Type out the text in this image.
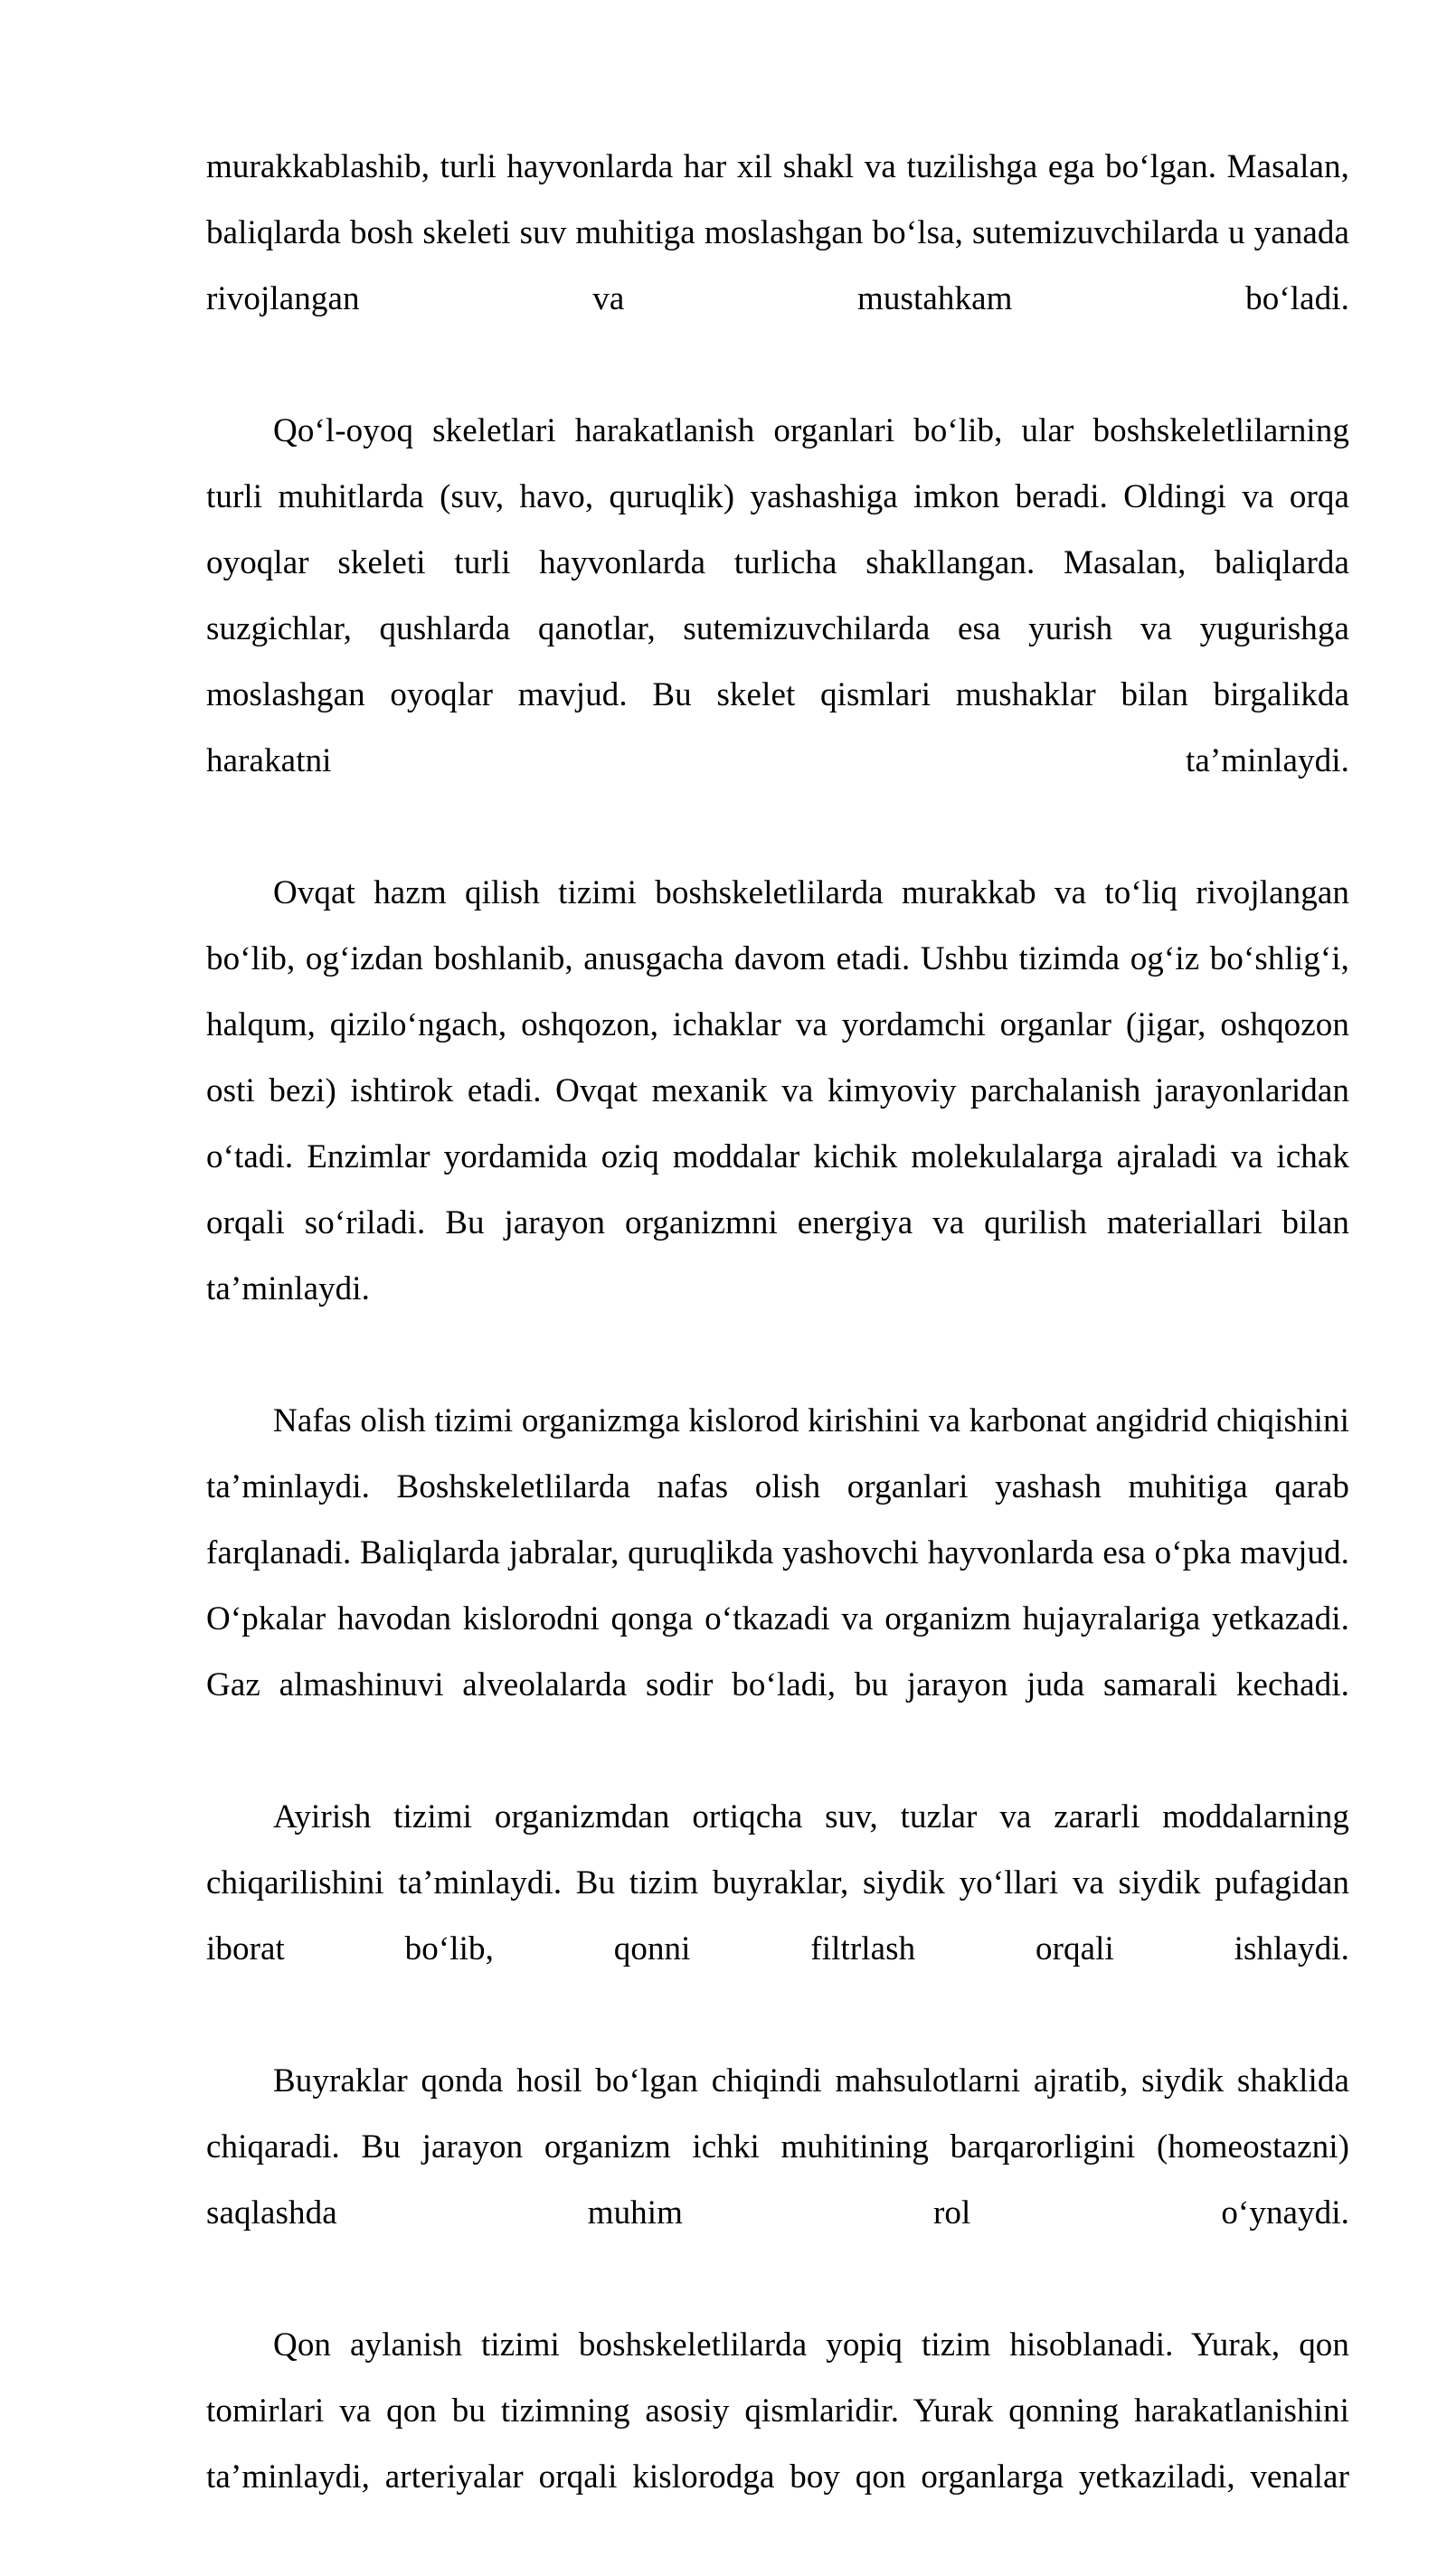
murakkablashib, turli hayvonlarda har xil shakl va tuzilishga ega bo‘lgan. Masalan, baliqlarda bosh skeleti suv muhitiga moslashgan bo‘lsa, sutemizuvchilarda u yanada rivojlangan va mustahkam bo‘ladi.

Qo‘l-oyoq skeletlari harakatlanish organlari bo‘lib, ular boshskeletlilarning turli muhitlarda (suv, havo, quruqlik) yashashiga imkon beradi. Oldingi va orqa oyoqlar skeleti turli hayvonlarda turlicha shakllangan. Masalan, baliqlarda suzgichlar, qushlarda qanotlar, sutemizuvchilarda esa yurish va yugurishga moslashgan oyoqlar mavjud. Bu skelet qismlari mushaklar bilan birgalikda harakatni ta’minlaydi.

Ovqat hazm qilish tizimi boshskeletlilarda murakkab va to‘liq rivojlangan bo‘lib, og‘izdan boshlanib, anusgacha davom etadi. Ushbu tizimda og‘iz bo‘shlig‘i, halqum, qizilo‘ngach, oshqozon, ichaklar va yordamchi organlar (jigar, oshqozon osti bezi) ishtirok etadi. Ovqat mexanik va kimyoviy parchalanish jarayonlaridan o‘tadi. Enzimlar yordamida oziq moddalar kichik molekulalarga ajraladi va ichak orqali so‘riladi. Bu jarayon organizmni energiya va qurilish materiallari bilan ta’minlaydi.

Nafas olish tizimi organizmga kislorod kirishini va karbonat angidrid chiqishini ta’minlaydi. Boshskeletlilarda nafas olish organlari yashash muhitiga qarab farqlanadi. Baliqlarda jabralar, quruqlikda yashovchi hayvonlarda esa o‘pka mavjud. O‘pkalar havodan kislorodni qonga o‘tkazadi va organizm hujayralariga yetkazadi. Gaz almashinuvi alveolalarda sodir bo‘ladi, bu jarayon juda samarali kechadi.

Ayirish tizimi organizmdan ortiqcha suv, tuzlar va zararli moddalarning chiqarilishini ta’minlaydi. Bu tizim buyraklar, siydik yo‘llari va siydik pufagidan iborat bo‘lib, qonni filtrlash orqali ishlaydi.

Buyraklar qonda hosil bo‘lgan chiqindi mahsulotlarni ajratib, siydik shaklida chiqaradi. Bu jarayon organizm ichki muhitining barqarorligini (homeostazni) saqlashda muhim rol o‘ynaydi.

Qon aylanish tizimi boshskeletlilarda yopiq tizim hisoblanadi. Yurak, qon tomirlari va qon bu tizimning asosiy qismlaridir. Yurak qonning harakatlanishini ta’minlaydi, arteriyalar orqali kislorodga boy qon organlarga yetkaziladi, venalar
